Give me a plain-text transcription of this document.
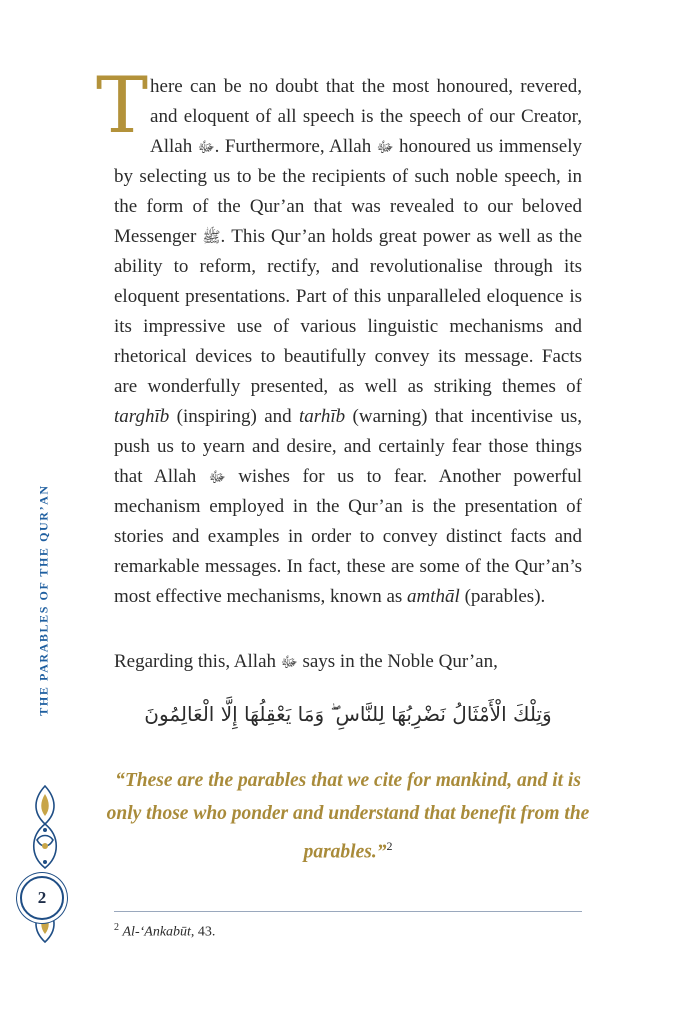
THE PARABLES OF THE QUR’AN
2
T here can be no doubt that the most honoured, revered, and eloquent of all speech is the speech of our Creator, Allah ﷻ. Furthermore, Allah ﷻ honoured us immensely by selecting us to be the recipients of such noble speech, in the form of the Qur’an that was revealed to our beloved Messenger ﷺ. This Qur’an holds great power as well as the ability to reform, rectify, and revolutionalise through its eloquent presentations. Part of this unparalleled eloquence is its impressive use of various linguistic mechanisms and rhetorical devices to beautifully convey its message. Facts are wonderfully presented, as well as striking themes of targhīb (inspiring) and tarhīb (warning) that incentivise us, push us to yearn and desire, and certainly fear those things that Allah ﷻ wishes for us to fear. Another powerful mechanism employed in the Qur’an is the presentation of stories and examples in order to convey distinct facts and remarkable messages. In fact, these are some of the Qur’an’s most effective mechanisms, known as amthāl (parables).

Regarding this, Allah ﷻ says in the Noble Qur’an,
وَتِلْكَ الْأَمْثَالُ نَضْرِبُهَا لِلنَّاسِ ۖ وَمَا يَعْقِلُهَا إِلَّا الْعَالِمُونَ
“These are the parables that we cite for mankind, and it is only those who ponder and understand that benefit from the parables.”$^2$
$^2$ Al-‘Ankabūt, 43.
